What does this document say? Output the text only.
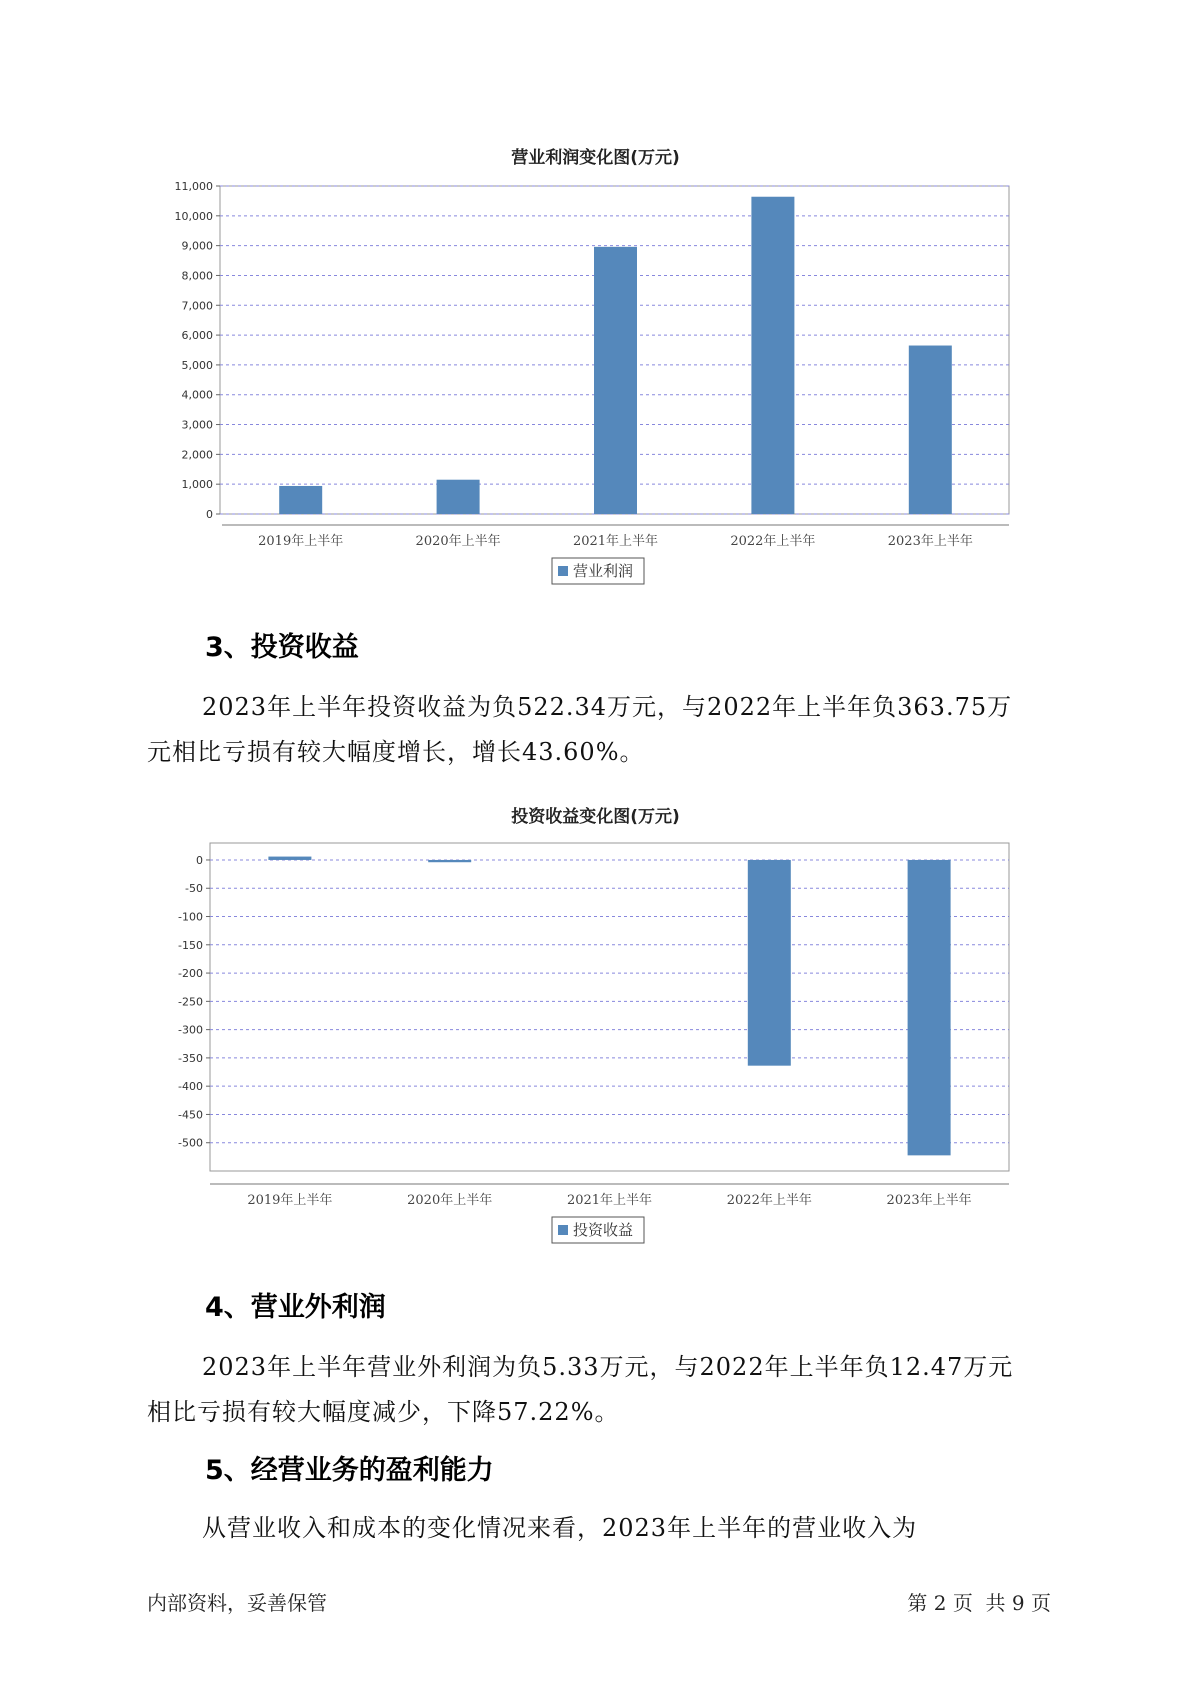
营业利润变化图(万元)
0
1,000
2,000
3,000
4,000
5,000
6,000
7,000
8,000
9,000
10,000
11,000
2019年上半年	2020年上半年	2021年上半年	2022年上半年	2023年上半年
营业利润
3、投资收益
2023年上半年投资收益为负522.34万元，与2022年上半年负363.75万
元相比亏损有较大幅度增长，增长43.60%。
投资收益变化图(万元)
0
-50
-100
-150
-200
-250
-300
-350
-400
-450
-500
2019年上半年	2020年上半年	2021年上半年	2022年上半年	2023年上半年
投资收益
4、营业外利润
2023年上半年营业外利润为负5.33万元，与2022年上半年负12.47万元
相比亏损有较大幅度减少，下降57.22%。
5、经营业务的盈利能力
从营业收入和成本的变化情况来看，2023年上半年的营业收入为
内部资料，妥善保管	第 2 页  共 9 页
